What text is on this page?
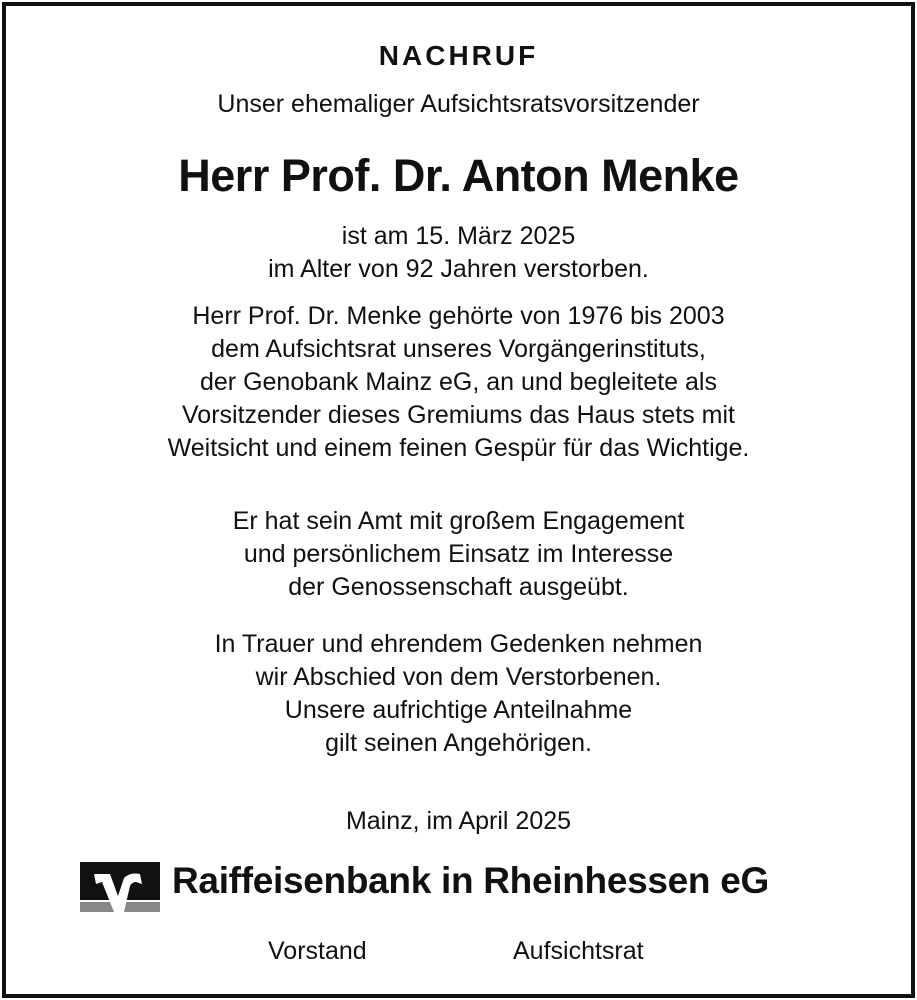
NACHRUF
Unser ehemaliger Aufsichtsratsvorsitzender
Herr Prof. Dr. Anton Menke
ist am 15. März 2025
im Alter von 92 Jahren verstorben.
Herr Prof. Dr. Menke gehörte von 1976 bis 2003
dem Aufsichtsrat unseres Vorgängerinstituts,
der Genobank Mainz eG, an und begleitete als
Vorsitzender dieses Gremiums das Haus stets mit
Weitsicht und einem feinen Gespür für das Wichtige.
Er hat sein Amt mit großem Engagement
und persönlichem Einsatz im Interesse
der Genossenschaft ausgeübt.
In Trauer und ehrendem Gedenken nehmen
wir Abschied von dem Verstorbenen.
Unsere aufrichtige Anteilnahme
gilt seinen Angehörigen.
Mainz, im April 2025
Raiffeisenbank in Rheinhessen eG
Vorstand	Aufsichtsrat
